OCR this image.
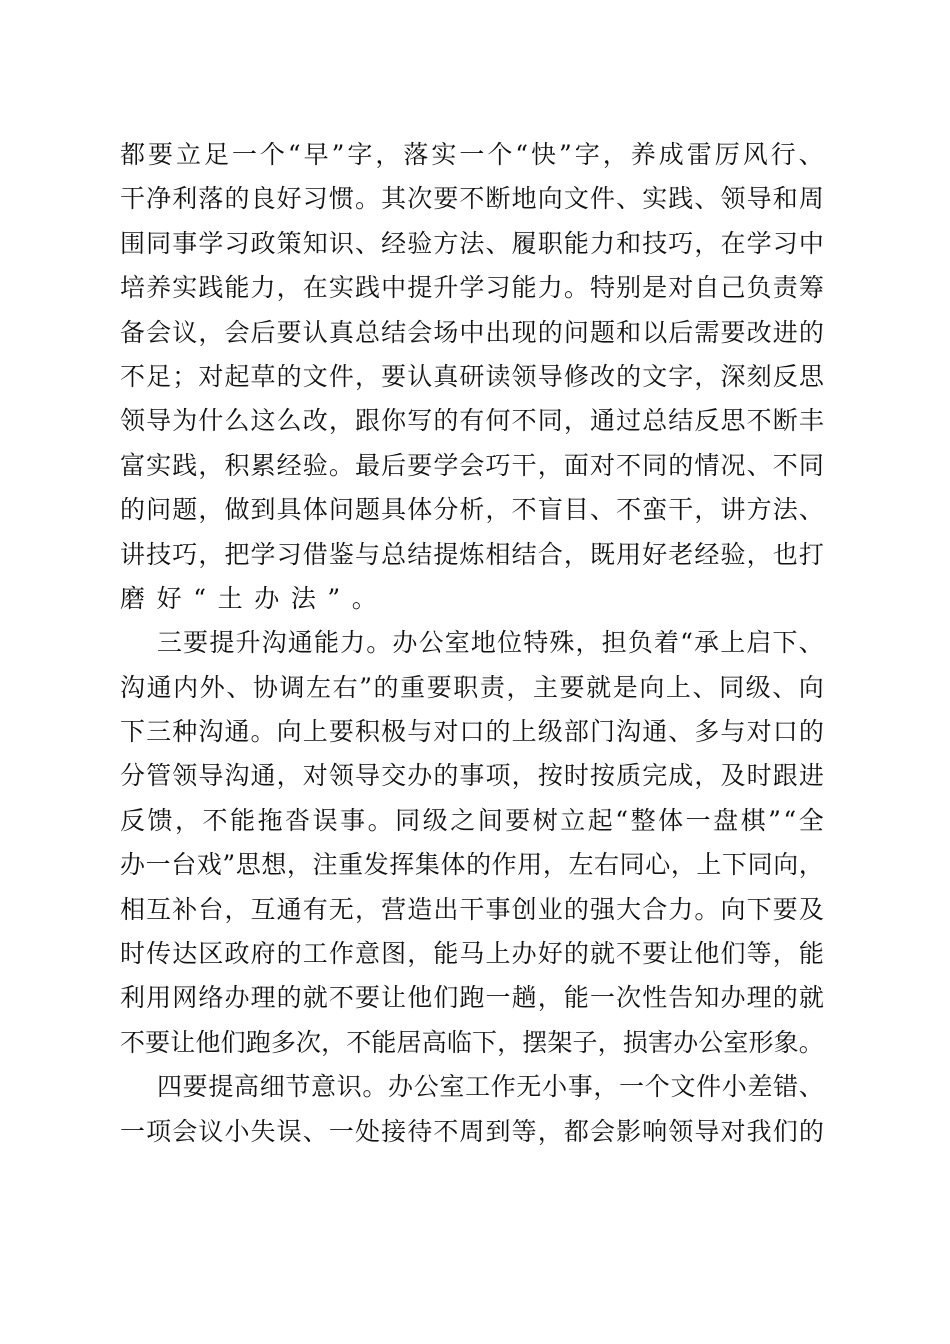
都 要 立 足 一 个 “ 早 ” 字 ， 落 实 一 个 “ 快 ” 字 ， 养 成 雷 厉 风 行 、
干 净 利 落 的 良 好 习 惯 。 其 次 要 不 断 地 向 文 件 、 实 践 、 领 导 和 周
围 同 事 学 习 政 策 知 识 、 经 验 方 法 、 履 职 能 力 和 技 巧 ， 在 学 习 中
培 养 实 践 能 力 ， 在 实 践 中 提 升 学 习 能 力 。 特 别 是 对 自 己 负 责 筹
备 会 议 ， 会 后 要 认 真 总 结 会 场 中 出 现 的 问 题 和 以 后 需 要 改 进 的
不 足 ； 对 起 草 的 文 件 ， 要 认 真 研 读 领 导 修 改 的 文 字 ， 深 刻 反 思
领 导 为 什 么 这 么 改 ， 跟 你 写 的 有 何 不 同 ， 通 过 总 结 反 思 不 断 丰
富 实 践 ， 积 累 经 验 。 最 后 要 学 会 巧 干 ， 面 对 不 同 的 情 况 、 不 同
的 问 题 ， 做 到 具 体 问 题 具 体 分 析 ， 不 盲 目 、 不 蛮 干 ， 讲 方 法 、
讲 技 巧 ， 把 学 习 借 鉴 与 总 结 提 炼 相 结 合 ， 既 用 好 老 经 验 ， 也 打
磨 好 “ 土 办 法 ” 。
三 要 提 升 沟 通 能 力 。 办 公 室 地 位 特 殊 ， 担 负 着 “ 承 上 启 下 、
沟 通 内 外 、 协 调 左 右 ” 的 重 要 职 责 ， 主 要 就 是 向 上 、 同 级 、 向
下 三 种 沟 通 。 向 上 要 积 极 与 对 口 的 上 级 部 门 沟 通 、 多 与 对 口 的
分 管 领 导 沟 通 ， 对 领 导 交 办 的 事 项 ， 按 时 按 质 完 成 ， 及 时 跟 进
反 馈 ， 不 能 拖 沓 误 事 。 同 级 之 间 要 树 立 起 “ 整 体 一 盘 棋 ” “ 全
办 一 台 戏 ” 思 想 ， 注 重 发 挥 集 体 的 作 用 ， 左 右 同 心 ， 上 下 同 向 ，
相 互 补 台 ， 互 通 有 无 ， 营 造 出 干 事 创 业 的 强 大 合 力 。 向 下 要 及
时 传 达 区 政 府 的 工 作 意 图 ， 能 马 上 办 好 的 就 不 要 让 他 们 等 ， 能
利 用 网 络 办 理 的 就 不 要 让 他 们 跑 一 趟 ， 能 一 次 性 告 知 办 理 的 就
不 要 让 他 们 跑 多 次 ， 不 能 居 高 临 下 ， 摆 架 子 ， 损 害 办 公 室 形 象 。
四 要 提 高 细 节 意 识 。 办 公 室 工 作 无 小 事 ， 一 个 文 件 小 差 错 、
一 项 会 议 小 失 误 、 一 处 接 待 不 周 到 等 ， 都 会 影 响 领 导 对 我 们 的
